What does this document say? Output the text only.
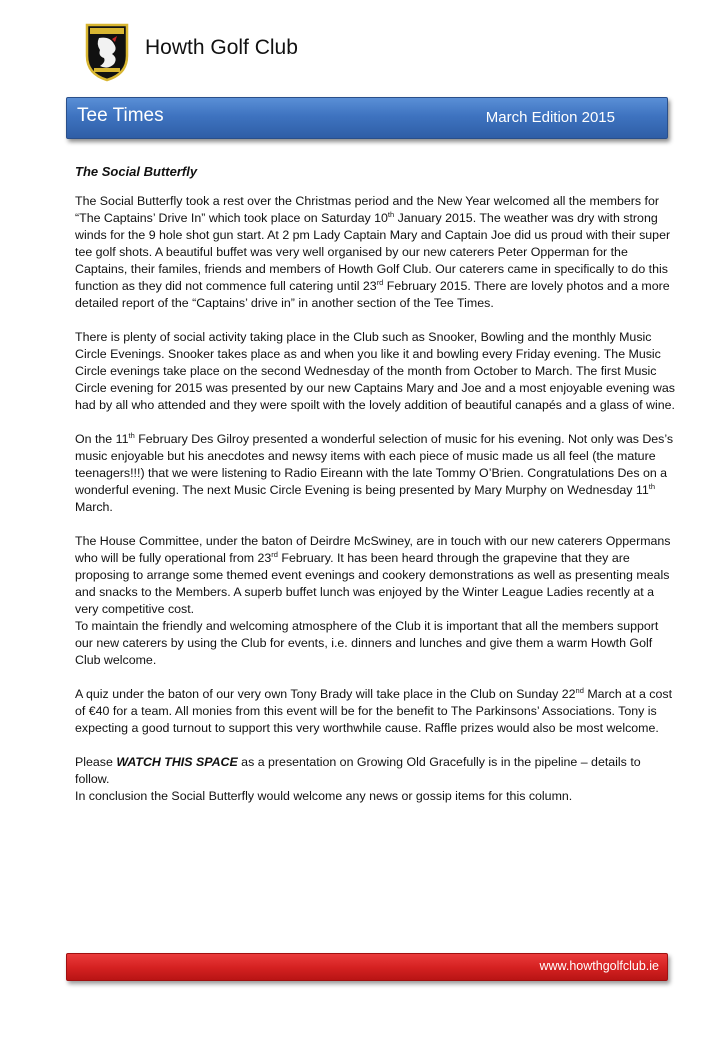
Howth Golf Club
Tee Times	March Edition 2015
The Social Butterfly

The Social Butterfly took a rest over the Christmas period and the New Year welcomed all the members for “The Captains’ Drive In” which took place on Saturday 10th January 2015. The weather was dry with strong winds for the 9 hole shot gun start. At 2 pm Lady Captain Mary and Captain Joe did us proud with their super tee golf shots. A beautiful buffet was very well organised by our new caterers Peter Opperman for the Captains, their familes, friends and members of Howth Golf Club. Our caterers came in specifically to do this function as they did not commence full catering until 23rd February 2015. There are lovely photos and a more detailed report of the “Captains’ drive in” in another section of the Tee Times.

There is plenty of social activity taking place in the Club such as Snooker, Bowling and the monthly Music Circle Evenings. Snooker takes place as and when you like it and bowling every Friday evening. The Music Circle evenings take place on the second Wednesday of the month from October to March. The first Music Circle evening for 2015 was presented by our new Captains Mary and Joe and a most enjoyable evening was had by all who attended and they were spoilt with the lovely addition of beautiful canapés and a glass of wine.

On the 11th February Des Gilroy presented a wonderful selection of music for his evening. Not only was Des’s music enjoyable but his anecdotes and newsy items with each piece of music made us all feel (the mature teenagers!!!) that we were listening to Radio Eireann with the late Tommy O’Brien. Congratulations Des on a wonderful evening. The next Music Circle Evening is being presented by Mary Murphy on Wednesday 11th March.

The House Committee, under the baton of Deirdre McSwiney, are in touch with our new caterers Oppermans who will be fully operational from 23rd February. It has been heard through the grapevine that they are proposing to arrange some themed event evenings and cookery demonstrations as well as presenting meals and snacks to the Members. A superb buffet lunch was enjoyed by the Winter League Ladies recently at a very competitive cost.

To maintain the friendly and welcoming atmosphere of the Club it is important that all the members support our new caterers by using the Club for events, i.e. dinners and lunches and give them a warm Howth Golf Club welcome.

A quiz under the baton of our very own Tony Brady will take place in the Club on Sunday 22nd March at a cost of €40 for a team. All monies from this event will be for the benefit to The Parkinsons’ Associations. Tony is expecting a good turnout to support this very worthwhile cause. Raffle prizes would also be most welcome.

Please WATCH THIS SPACE as a presentation on Growing Old Gracefully is in the pipeline – details to follow.

In conclusion the Social Butterfly would welcome any news or gossip items for this column.

www.howthgolfclub.ie
